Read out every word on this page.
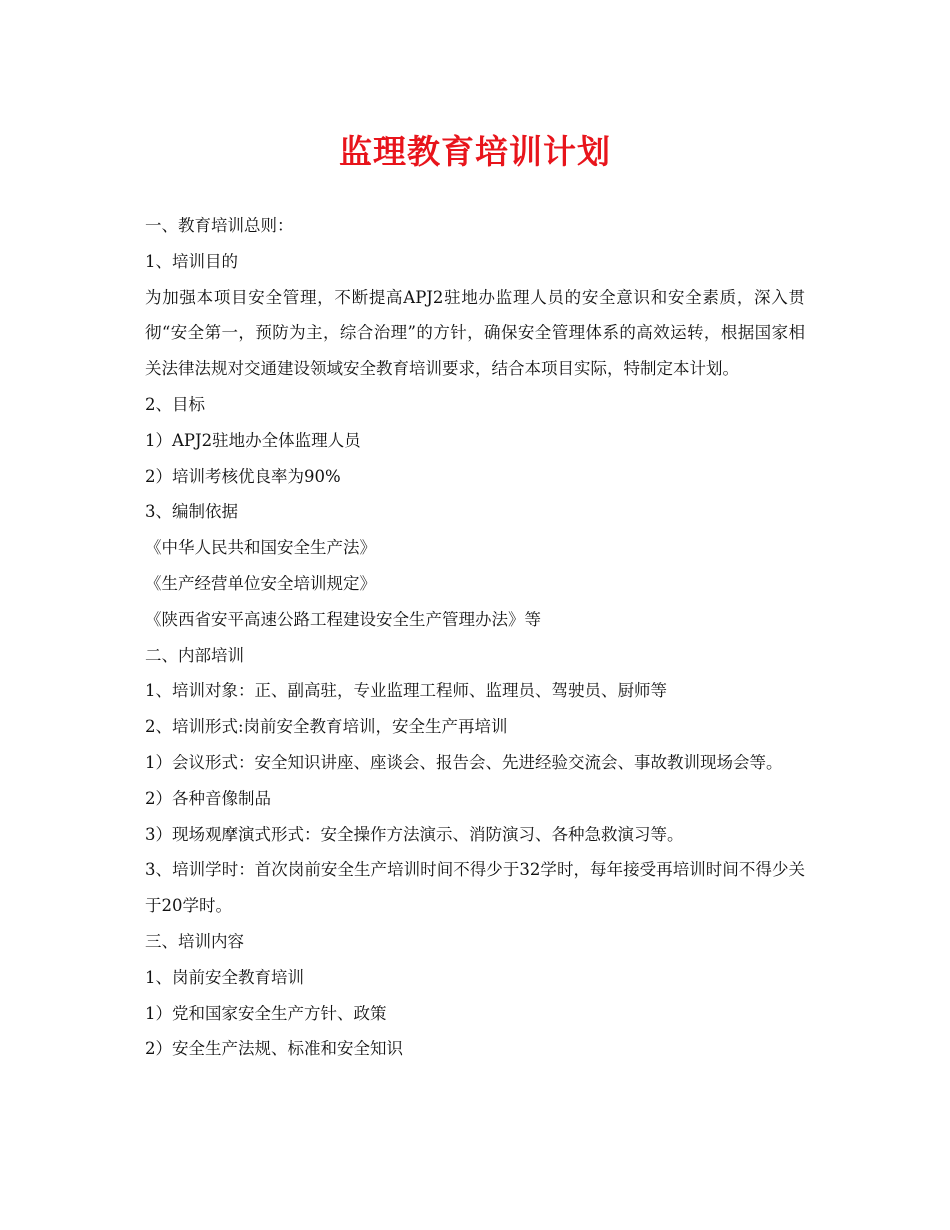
监理教育培训计划
一、教育培训总则：
1、培训目的
为加强本项目安全管理，不断提高APJ2驻地办监理人员的安全意识和安全素质，深入贯彻“安全第一，预防为主，综合治理”的方针，确保安全管理体系的高效运转，根据国家相关法律法规对交通建设领域安全教育培训要求，结合本项目实际，特制定本计划。
2、目标
1）APJ2驻地办全体监理人员
2）培训考核优良率为90%
3、编制依据
《中华人民共和国安全生产法》
《生产经营单位安全培训规定》
《陕西省安平高速公路工程建设安全生产管理办法》等
二、内部培训
1、培训对象：正、副高驻，专业监理工程师、监理员、驾驶员、厨师等
2、培训形式:岗前安全教育培训，安全生产再培训
1）会议形式：安全知识讲座、座谈会、报告会、先进经验交流会、事故教训现场会等。
2）各种音像制品
3）现场观摩演式形式：安全操作方法演示、消防演习、各种急救演习等。
3、培训学时：首次岗前安全生产培训时间不得少于32学时，每年接受再培训时间不得少关于20学时。
三、培训内容
1、岗前安全教育培训
1）党和国家安全生产方针、政策
2）安全生产法规、标准和安全知识
